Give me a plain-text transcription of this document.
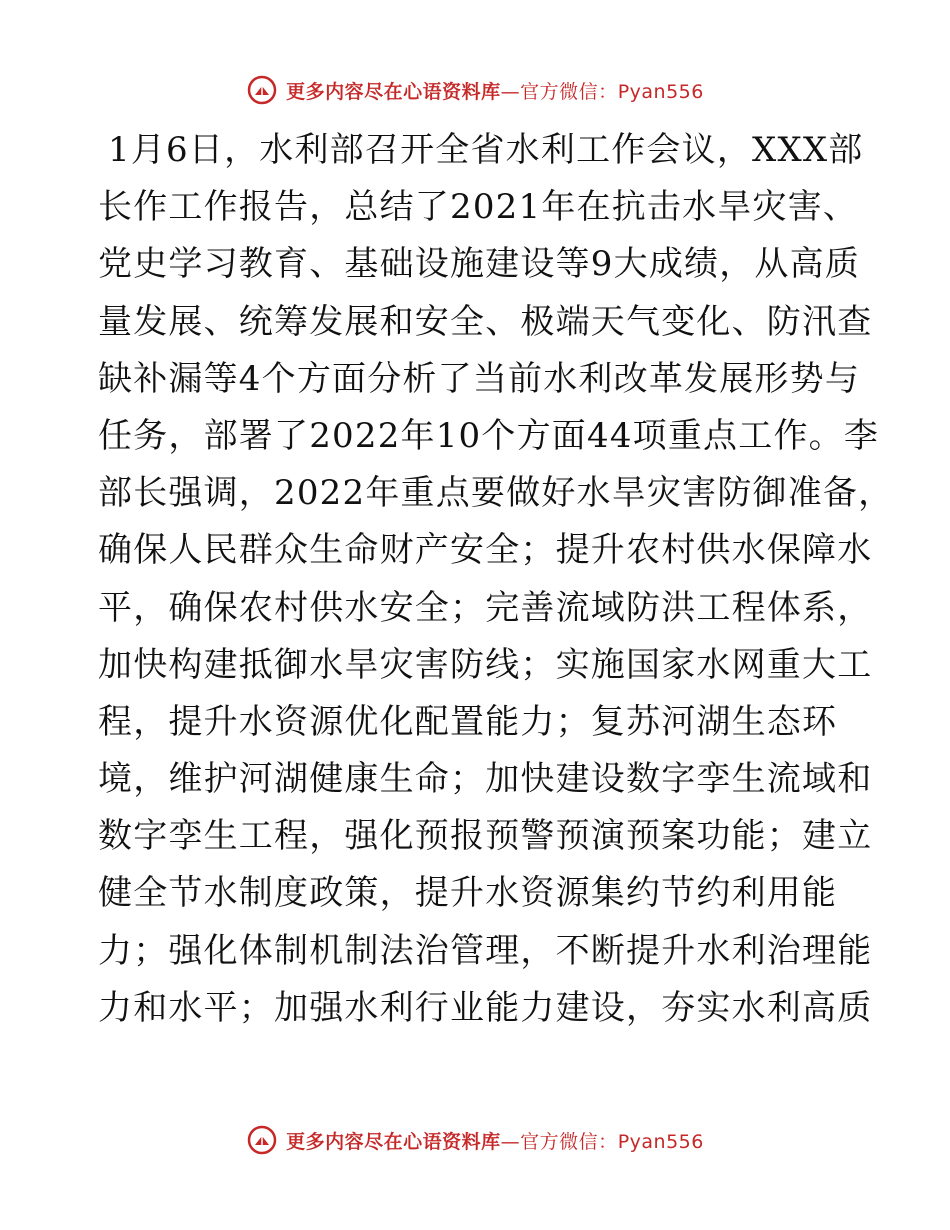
更多内容尽在心语资料库—官方微信：Pyan556
1月6日，水利部召开全省水利工作会议，XXX部
长作工作报告，总结了2021年在抗击水旱灾害、
党史学习教育、基础设施建设等9大成绩，从高质
量发展、统筹发展和安全、极端天气变化、防汛查
缺补漏等4个方面分析了当前水利改革发展形势与
任务，部署了2022年10个方面44项重点工作。李
部长强调，2022年重点要做好水旱灾害防御准备，
确保人民群众生命财产安全；提升农村供水保障水
平，确保农村供水安全；完善流域防洪工程体系，
加快构建抵御水旱灾害防线；实施国家水网重大工
程，提升水资源优化配置能力；复苏河湖生态环
境，维护河湖健康生命；加快建设数字孪生流域和
数字孪生工程，强化预报预警预演预案功能；建立
健全节水制度政策，提升水资源集约节约利用能
力；强化体制机制法治管理，不断提升水利治理能
力和水平；加强水利行业能力建设，夯实水利高质
更多内容尽在心语资料库—官方微信：Pyan556
